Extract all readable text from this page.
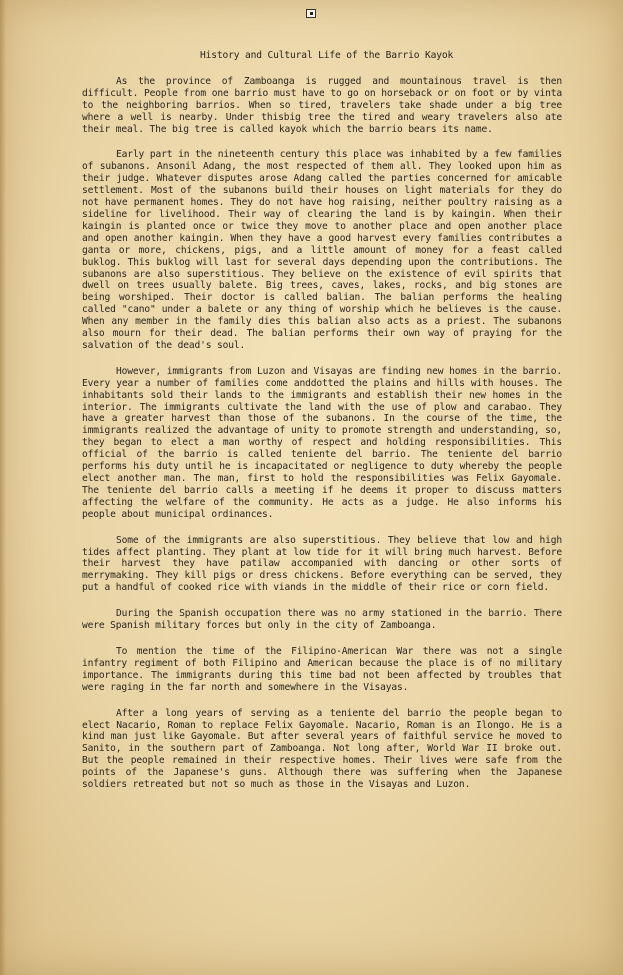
History and Cultural Life of the Barrio Kayok

As the province of Zamboanga is rugged and mountainous travel is then difficult. People from one barrio must have to go on horseback or on foot or by vinta to the neighboring barrios. When so tired, travelers take shade under a big tree where a well is nearby. Under thisbig tree the tired and weary travelers also ate their meal. The big tree is called kayok which the barrio bears its name.

Early part in the nineteenth century this place was inhabited by a few families of subanons. Ansonil Adang, the most respected of them all. They looked upon him as their judge. Whatever disputes arose Adang called the parties concerned for amicable settlement. Most of the subanons build their houses on light materials for they do not have permanent homes. They do not have hog raising, neither poultry raising as a sideline for livelihood. Their way of clearing the land is by kaingin. When their kaingin is planted once or twice they move to another place and open another place and open another kaingin. When they have a good harvest every families contributes a ganta or more, chickens, pigs, and a little amount of money for a feast called buklog. This buklog will last for several days depending upon the contributions. The subanons are also superstitious. They believe on the existence of evil spirits that dwell on trees usually balete. Big trees, caves, lakes, rocks, and big stones are being worshiped. Their doctor is called balian. The balian performs the healing called "cano" under a balete or any thing of worship which he believes is the cause. When any member in the family dies this balian also acts as a priest. The subanons also mourn for their dead. The balian performs their own way of praying for the salvation of the dead's soul.

However, immigrants from Luzon and Visayas are finding new homes in the barrio. Every year a number of families come anddotted the plains and hills with houses. The inhabitants sold their lands to the immigrants and establish their new homes in the interior. The immigrants cultivate the land with the use of plow and carabao. They have a greater harvest than those of the subanons. In the course of the time, the immigrants realized the advantage of unity to promote strength and understanding, so, they began to elect a man worthy of respect and holding responsibilities. This official of the barrio is called teniente del barrio. The teniente del barrio performs his duty until he is incapacitated or negligence to duty whereby the people elect another man. The man, first to hold the responsibilities was Felix Gayomale. The teniente del barrio calls a meeting if he deems it proper to discuss matters affecting the welfare of the community. He acts as a judge. He also informs his people about municipal ordinances.

Some of the immigrants are also superstitious. They believe that low and high tides affect planting. They plant at low tide for it will bring much harvest. Before their harvest they have patilaw accompanied with dancing or other sorts of merrymaking. They kill pigs or dress chickens. Before everything can be served, they put a handful of cooked rice with viands in the middle of their rice or corn field.

During the Spanish occupation there was no army stationed in the barrio. There were Spanish military forces but only in the city of Zamboanga.

To mention the time of the Filipino-American War there was not a single infantry regiment of both Filipino and American because the place is of no military importance. The immigrants during this time bad not been affected by troubles that were raging in the far north and somewhere in the Visayas.

After a long years of serving as a teniente del barrio the people began to elect Nacario, Roman to replace Felix Gayomale. Nacario, Roman is an Ilongo. He is a kind man just like Gayomale. But after several years of faithful service he moved to Sanito, in the southern part of Zamboanga. Not long after, World War II broke out. But the people remained in their respective homes. Their lives were safe from the points of the Japanese's guns. Although there was suffering when the Japanese soldiers retreated but not so much as those in the Visayas and Luzon.
